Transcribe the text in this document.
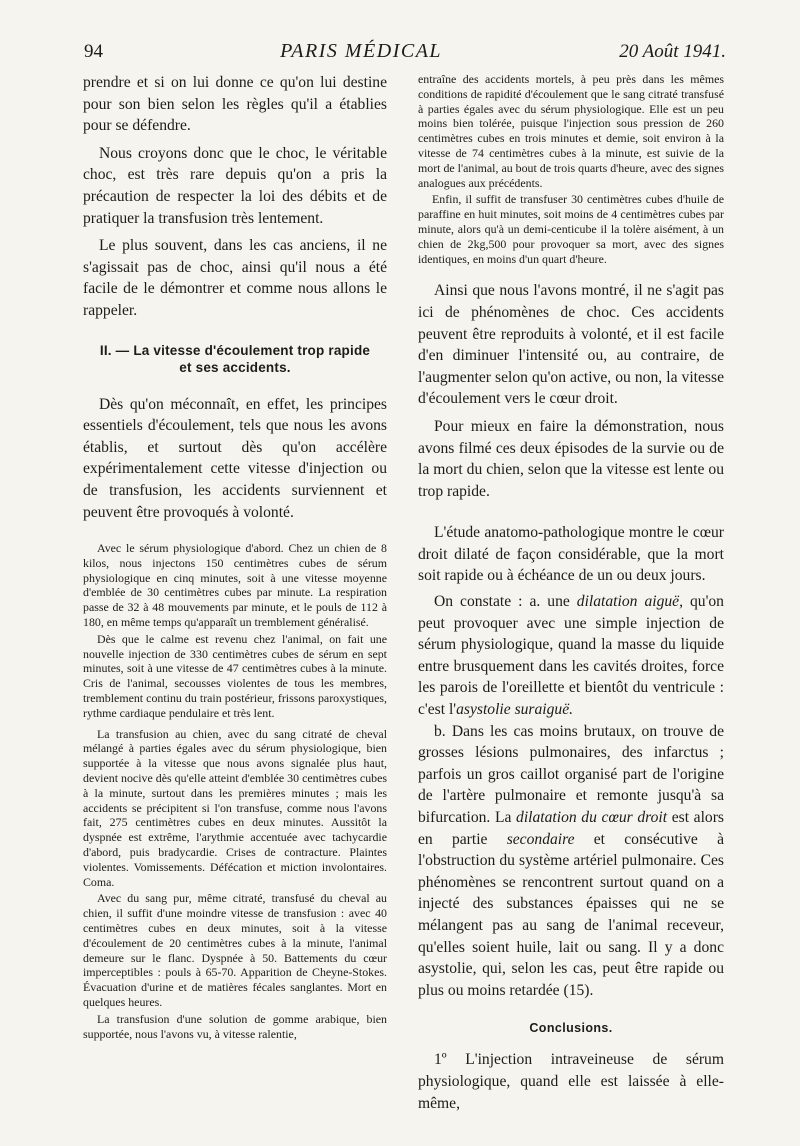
94	PARIS MÉDICAL	20 Août 1941.

prendre et si on lui donne ce qu'on lui destine pour son bien selon les règles qu'il a établies pour se défendre.

Nous croyons donc que le choc, le véritable choc, est très rare depuis qu'on a pris la précaution de respecter la loi des débits et de pratiquer la transfusion très lentement.

Le plus souvent, dans les cas anciens, il ne s'agissait pas de choc, ainsi qu'il nous a été facile de le démontrer et comme nous allons le rappeler.

II. — La vitesse d'écoulement trop rapide

et ses accidents.

Dès qu'on méconnaît, en effet, les principes essentiels d'écoulement, tels que nous les avons établis, et surtout dès qu'on accélère expérimentalement cette vitesse d'injection ou de transfusion, les accidents surviennent et peuvent être provoqués à volonté.

Avec le sérum physiologique d'abord. Chez un chien de 8 kilos, nous injectons 150 centimètres cubes de sérum physiologique en cinq minutes, soit à une vitesse moyenne d'emblée de 30 centimètres cubes par minute. La respiration passe de 32 à 48 mouvements par minute, et le pouls de 112 à 180, en même temps qu'apparaît un tremblement généralisé.

Dès que le calme est revenu chez l'animal, on fait une nouvelle injection de 330 centimètres cubes de sérum en sept minutes, soit à une vitesse de 47 centimètres cubes à la minute. Cris de l'animal, secousses violentes de tous les membres, tremblement continu du train postérieur, frissons paroxystiques, rythme cardiaque pendulaire et très lent.

La transfusion au chien, avec du sang citraté de cheval mélangé à parties égales avec du sérum physiologique, bien supportée à la vitesse que nous avons signalée plus haut, devient nocive dès qu'elle atteint d'emblée 30 centimètres cubes à la minute, surtout dans les premières minutes ; mais les accidents se précipitent si l'on transfuse, comme nous l'avons fait, 275 centimètres cubes en deux minutes. Aussitôt la dyspnée est extrême, l'arythmie accentuée avec tachycardie d'abord, puis bradycardie. Crises de contracture. Plaintes violentes. Vomissements. Défécation et miction involontaires. Coma.

Avec du sang pur, même citraté, transfusé du cheval au chien, il suffit d'une moindre vitesse de transfusion : avec 40 centimètres cubes en deux minutes, soit à la vitesse d'écoulement de 20 centimètres cubes à la minute, l'animal demeure sur le flanc. Dyspnée à 50. Battements du cœur imperceptibles : pouls à 65-70. Apparition de Cheyne-Stokes. Évacuation d'urine et de matières fécales sanglantes. Mort en quelques heures.

La transfusion d'une solution de gomme arabique, bien supportée, nous l'avons vu, à vitesse ralentie,

entraîne des accidents mortels, à peu près dans les mêmes conditions de rapidité d'écoulement que le sang citraté transfusé à parties égales avec du sérum physiologique. Elle est un peu moins bien tolérée, puisque l'injection sous pression de 260 centimètres cubes en trois minutes et demie, soit environ à la vitesse de 74 centimètres cubes à la minute, est suivie de la mort de l'animal, au bout de trois quarts d'heure, avec des signes analogues aux précédents.

Enfin, il suffit de transfuser 30 centimètres cubes d'huile de paraffine en huit minutes, soit moins de 4 centimètres cubes par minute, alors qu'à un demi-centicube il la tolère aisément, à un chien de 2kg,500 pour provoquer sa mort, avec des signes identiques, en moins d'un quart d'heure.

Ainsi que nous l'avons montré, il ne s'agit pas ici de phénomènes de choc. Ces accidents peuvent être reproduits à volonté, et il est facile d'en diminuer l'intensité ou, au contraire, de l'augmenter selon qu'on active, ou non, la vitesse d'écoulement vers le cœur droit.

Pour mieux en faire la démonstration, nous avons filmé ces deux épisodes de la survie ou de la mort du chien, selon que la vitesse est lente ou trop rapide.

L'étude anatomo-pathologique montre le cœur droit dilaté de façon considérable, que la mort soit rapide ou à échéance de un ou deux jours.

On constate : a. une dilatation aiguë, qu'on peut provoquer avec une simple injection de sérum physiologique, quand la masse du liquide entre brusquement dans les cavités droites, force les parois de l'oreillette et bientôt du ventricule : c'est l'asystolie suraiguë.

b. Dans les cas moins brutaux, on trouve de grosses lésions pulmonaires, des infarctus ; parfois un gros caillot organisé part de l'origine de l'artère pulmonaire et remonte jusqu'à sa bifurcation. La dilatation du cœur droit est alors en partie secondaire et consécutive à l'obstruction du système artériel pulmonaire. Ces phénomènes se rencontrent surtout quand on a injecté des substances épaisses qui ne se mélangent pas au sang de l'animal receveur, qu'elles soient huile, lait ou sang. Il y a donc asystolie, qui, selon les cas, peut être rapide ou plus ou moins retardée (15).

Conclusions.

1º L'injection intraveineuse de sérum physiologique, quand elle est laissée à elle-même,
